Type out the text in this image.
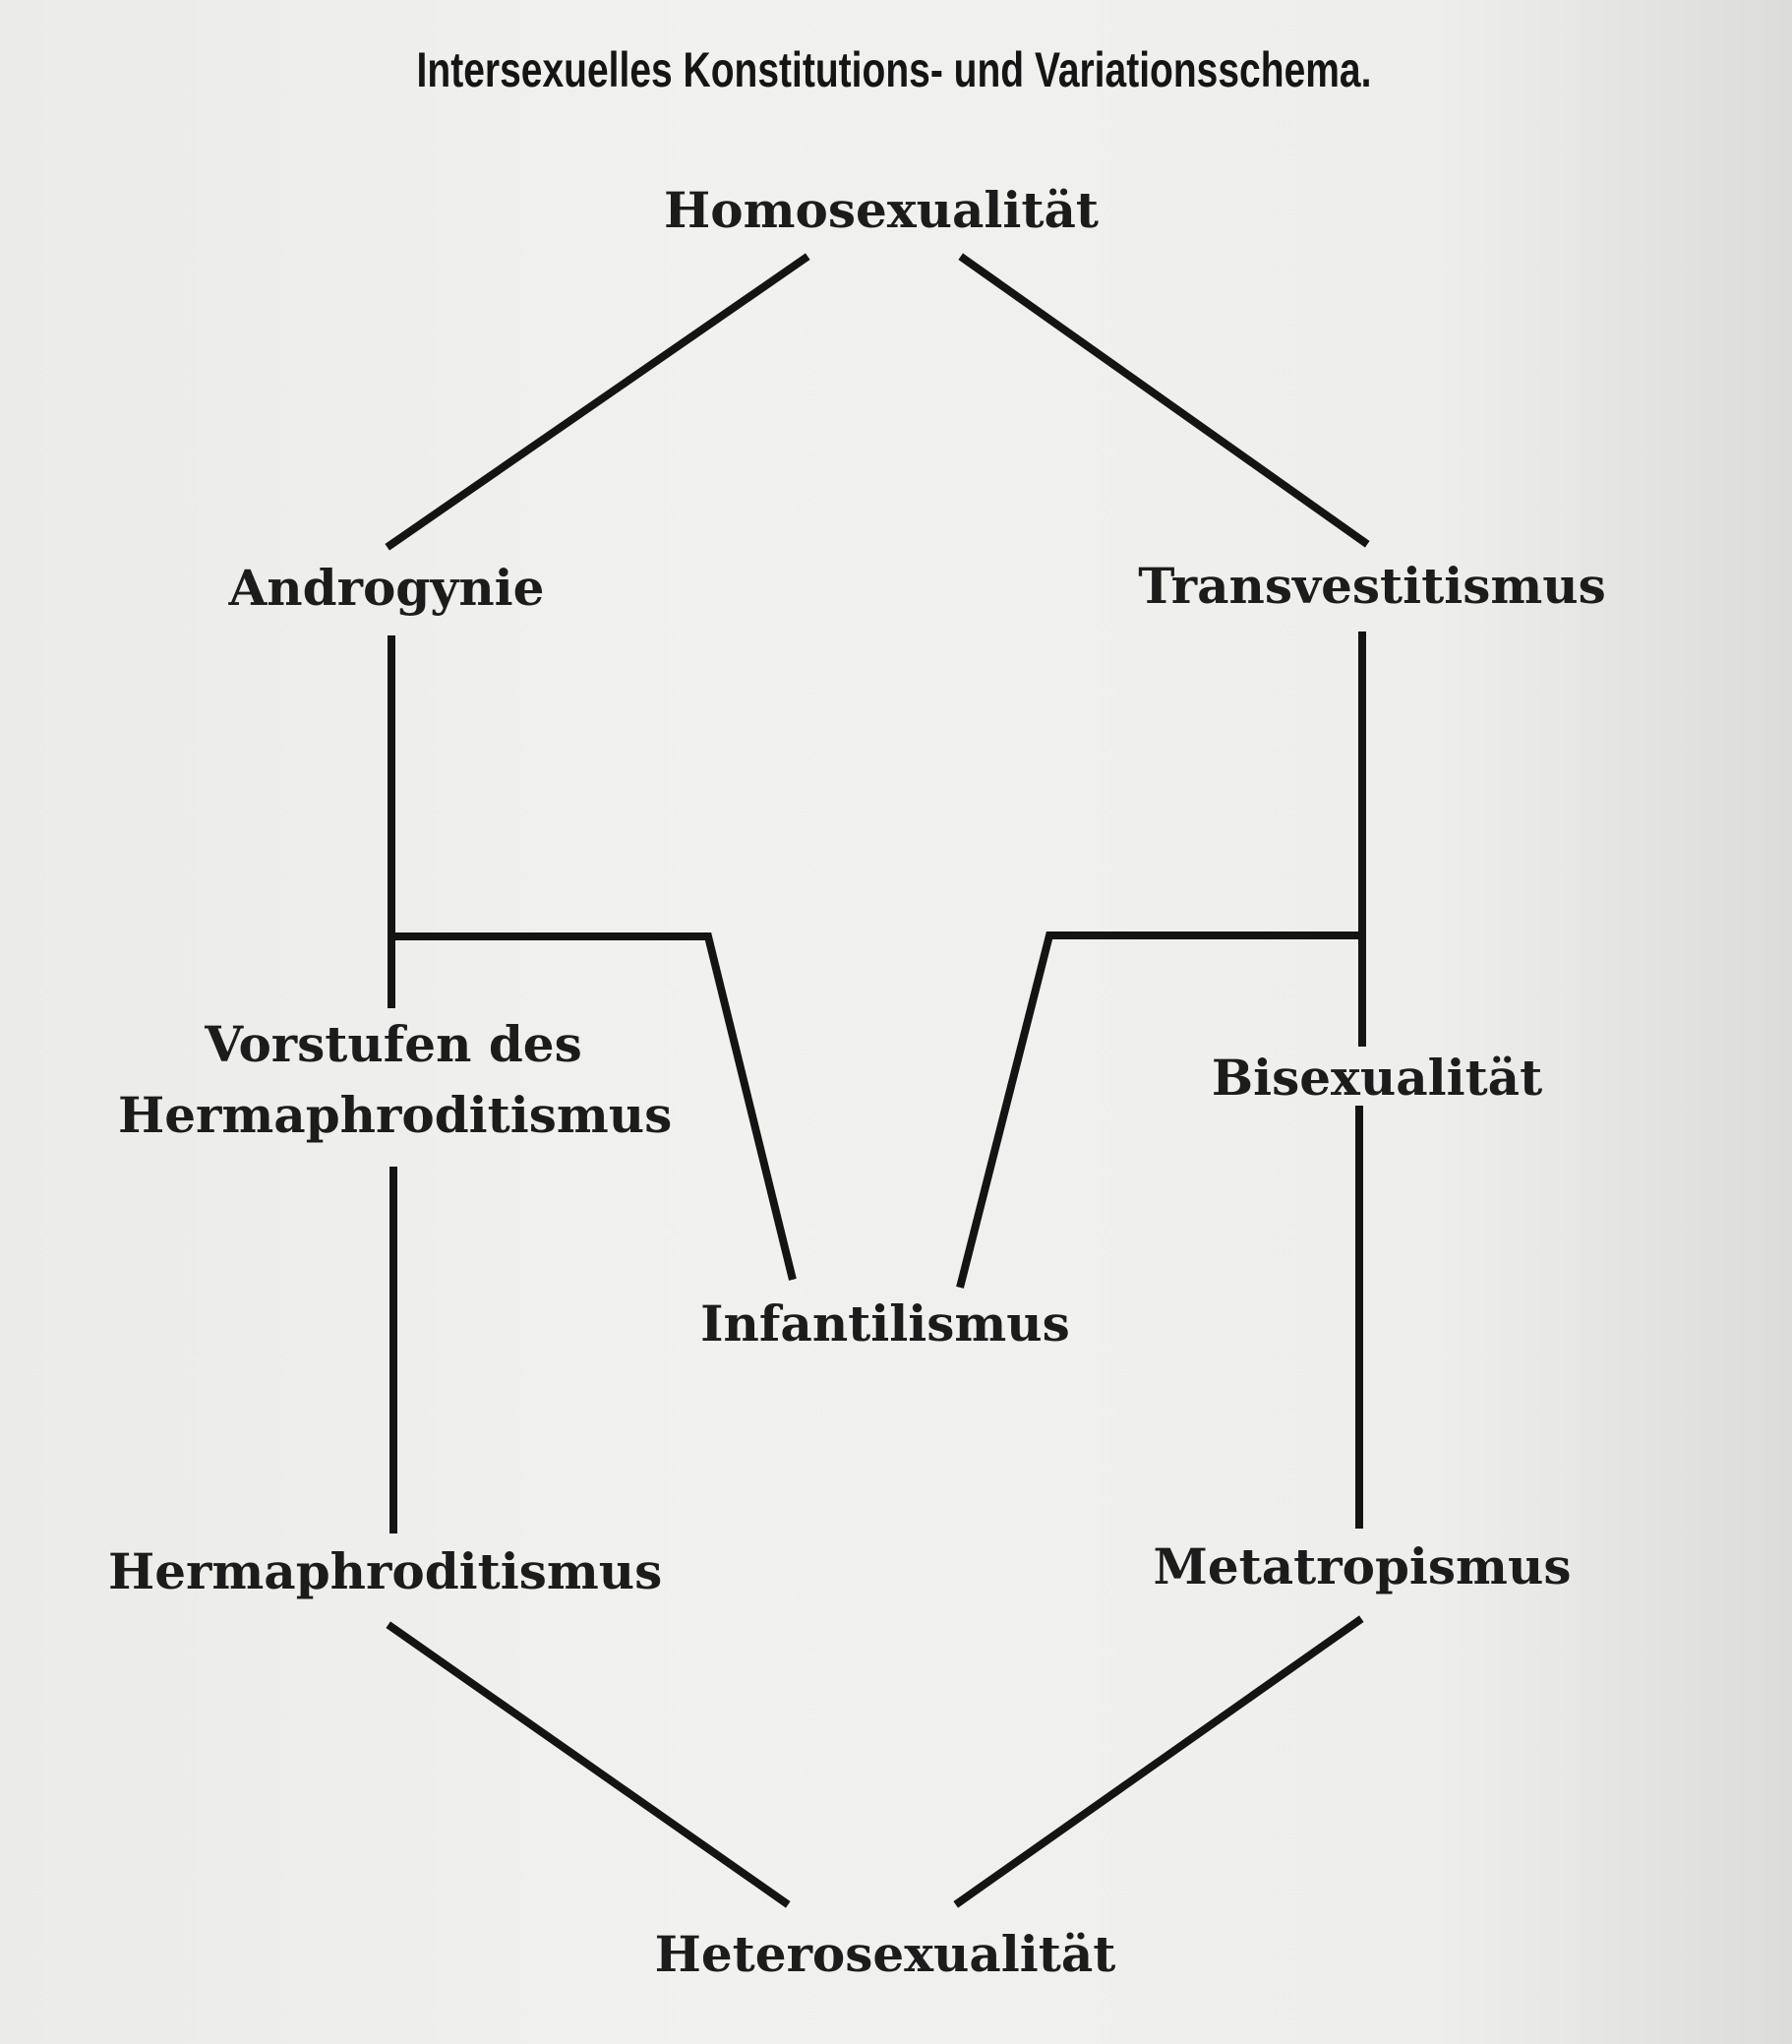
Intersexuelles Konstitutions- und Variationsschema.
Homosexualität
Androgynie	Transvestitismus
Vorstufen des
Hermaphroditismus
Bisexualität
Infantilismus
Hermaphroditismus	Metatropismus
Heterosexualität
